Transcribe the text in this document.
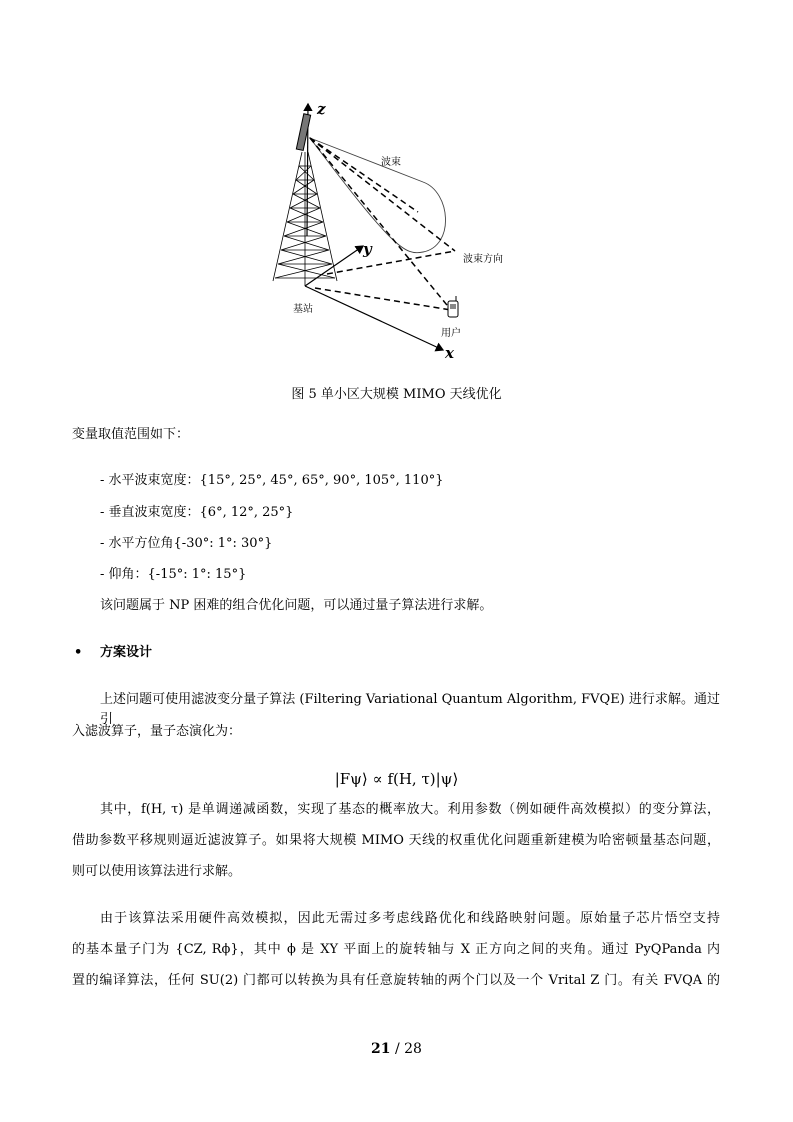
z
y
x
波束
波束方向
基站
用户
图 5 单小区大规模 MIMO 天线优化
变量取值范围如下：
- 水平波束宽度：{15°, 25°, 45°, 65°, 90°, 105°, 110°}
- 垂直波束宽度：{6°, 12°, 25°}
- 水平方位角{-30°: 1°: 30°}
- 仰角：{-15°: 1°: 15°}
该问题属于 NP 困难的组合优化问题，可以通过量子算法进行求解。
• 方案设计
上述问题可使用滤波变分量子算法 (Filtering Variational Quantum Algorithm, FVQE) 进行求解。通过引
入滤波算子，量子态演化为：
|Fψ⟩ ∝ f(H, τ)|ψ⟩
其中，f(H, τ) 是单调递减函数，实现了基态的概率放大。利用参数（例如硬件高效模拟）的变分算法，
借助参数平移规则逼近滤波算子。如果将大规模 MIMO 天线的权重优化问题重新建模为哈密顿量基态问题，
则可以使用该算法进行求解。
由于该算法采用硬件高效模拟，因此无需过多考虑线路优化和线路映射问题。原始量子芯片悟空支持
的基本量子门为 {CZ, Rϕ}，其中 ϕ 是 XY 平面上的旋转轴与 X 正方向之间的夹角。通过 PyQPanda 内
置的编译算法，任何 SU(2) 门都可以转换为具有任意旋转轴的两个门以及一个 Vrital Z 门。有关 FVQA 的
21 / 28
